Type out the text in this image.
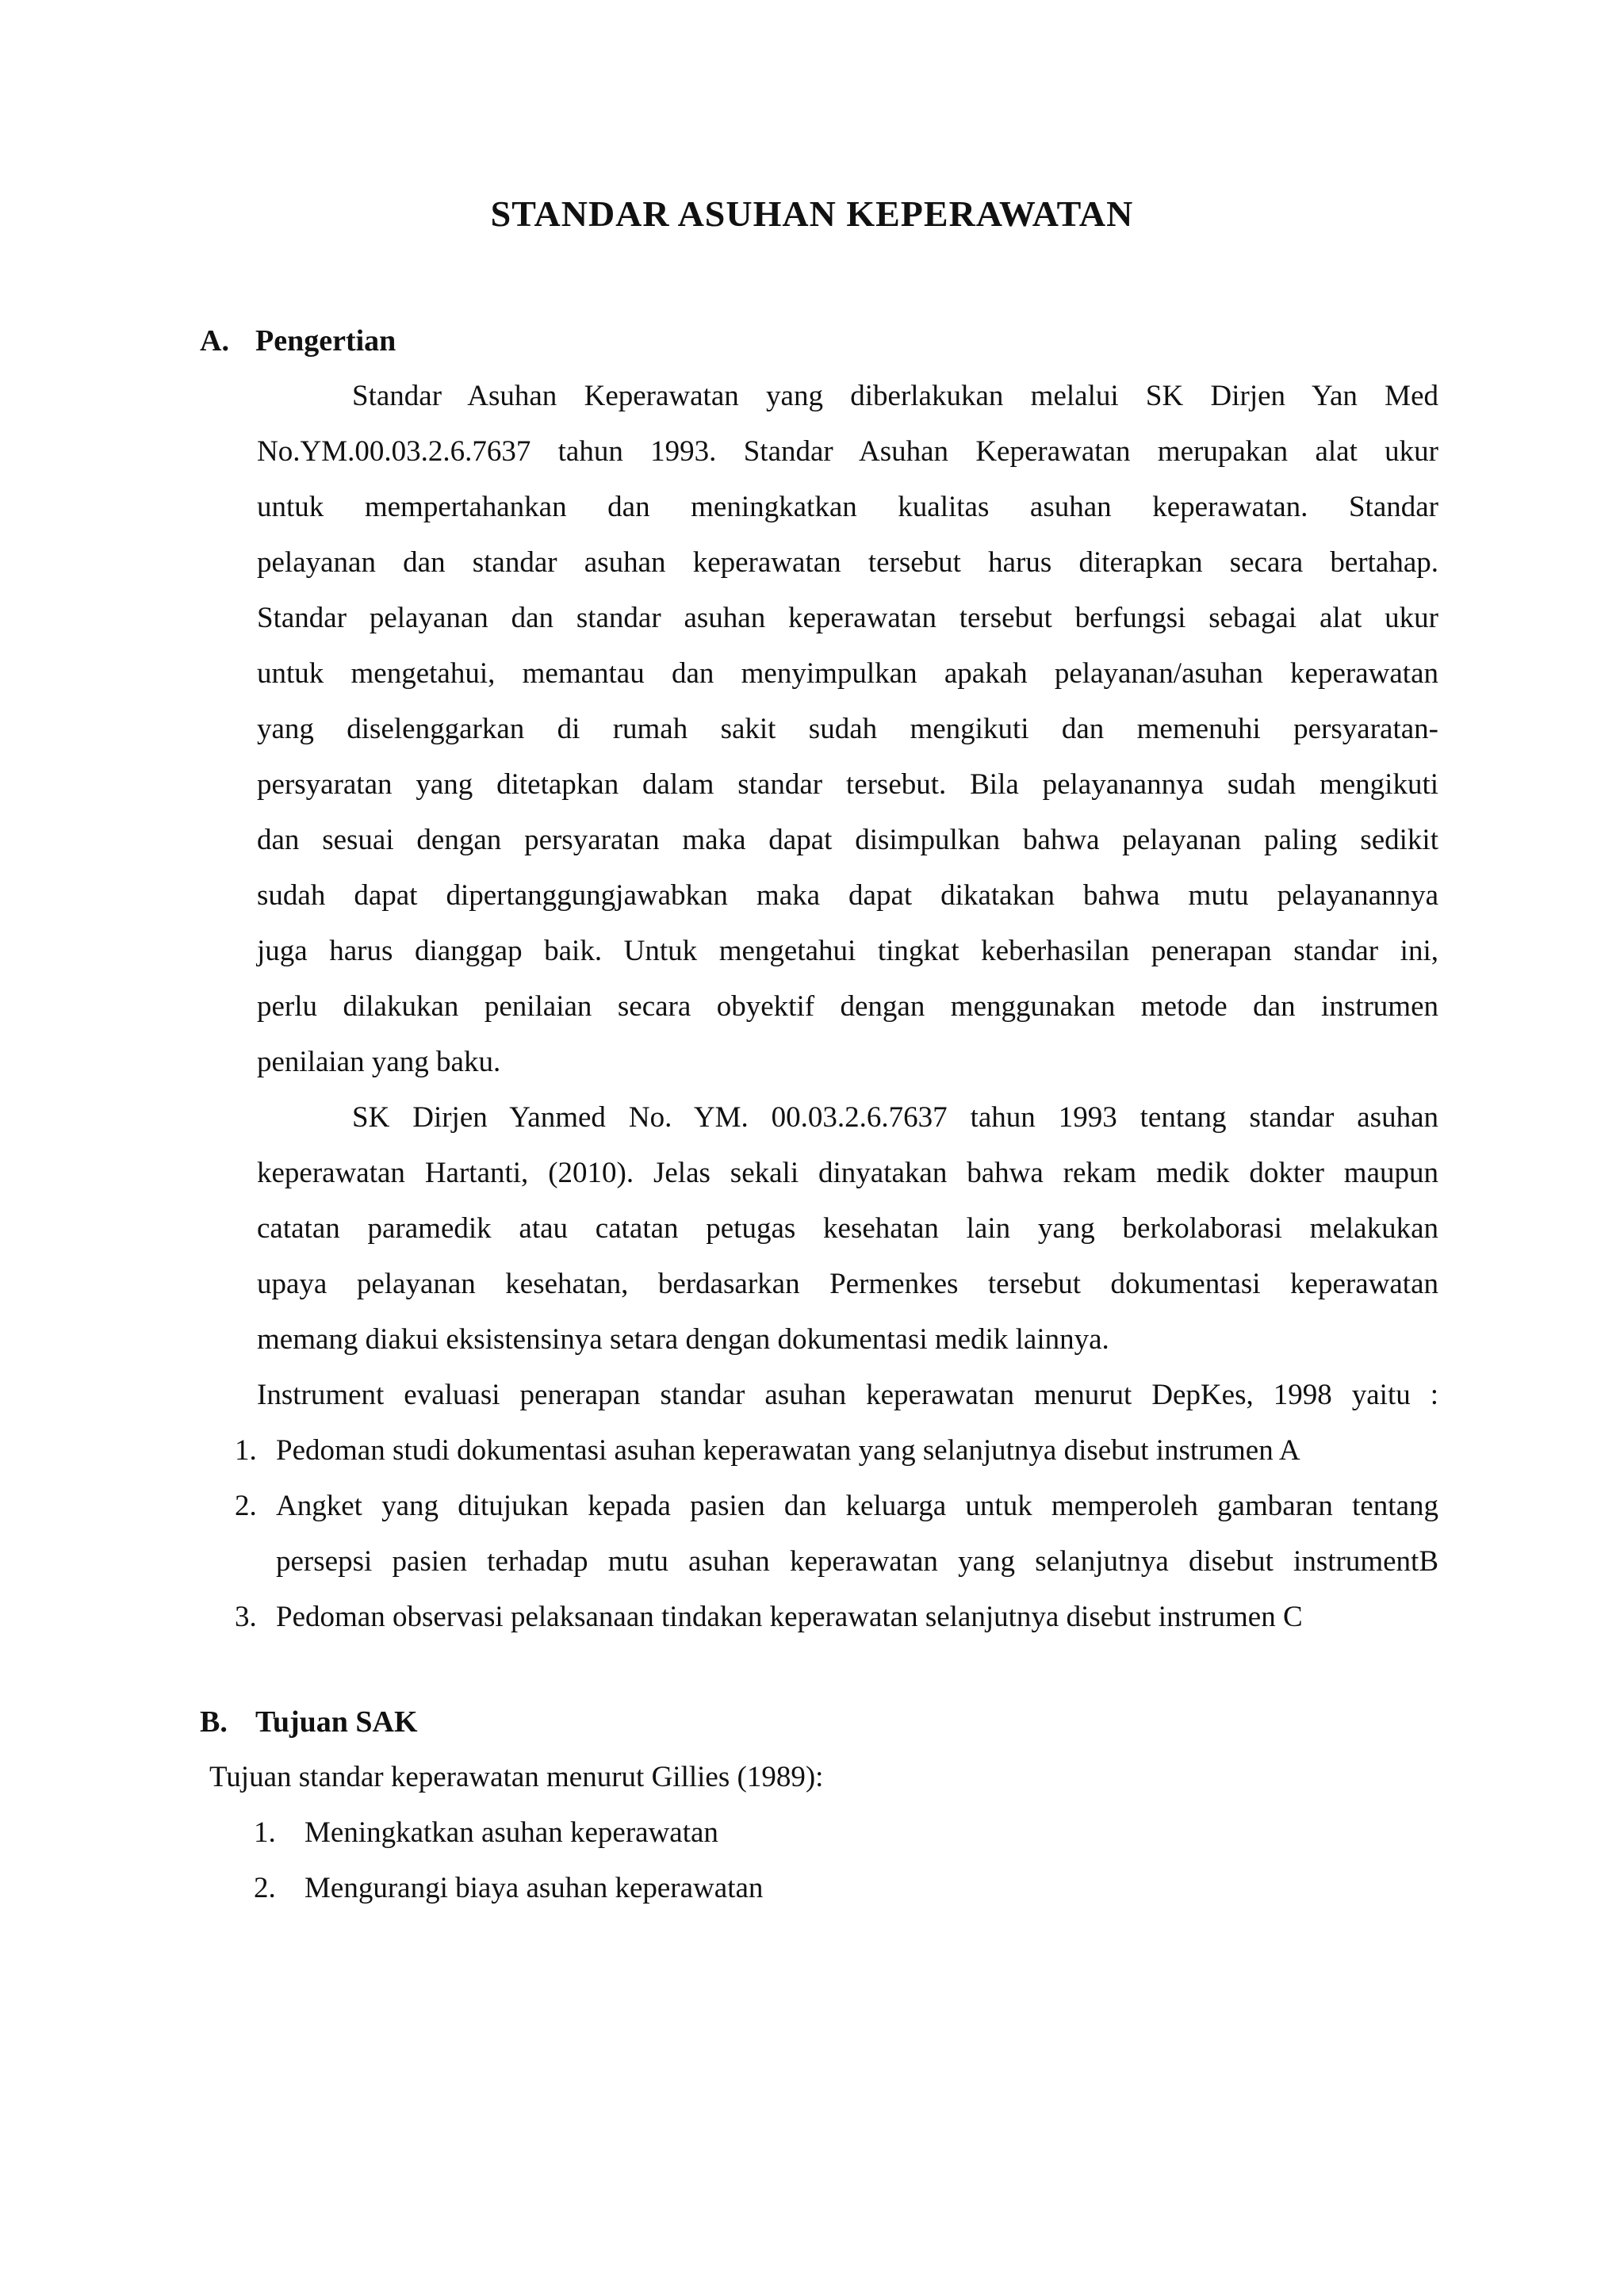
STANDAR ASUHAN KEPERAWATAN
A. Pengertian
Standar Asuhan Keperawatan yang diberlakukan melalui SK Dirjen Yan Med
No.YM.00.03.2.6.7637 tahun 1993. Standar Asuhan Keperawatan merupakan alat ukur
untuk mempertahankan dan meningkatkan kualitas asuhan keperawatan. Standar
pelayanan dan standar asuhan keperawatan tersebut harus diterapkan secara bertahap.
Standar pelayanan dan standar asuhan keperawatan tersebut berfungsi sebagai alat ukur
untuk mengetahui, memantau dan menyimpulkan apakah pelayanan/asuhan keperawatan
yang diselenggarkan di rumah sakit sudah mengikuti dan memenuhi persyaratan-
persyaratan yang ditetapkan dalam standar tersebut. Bila pelayanannya sudah mengikuti
dan sesuai dengan persyaratan maka dapat disimpulkan bahwa pelayanan paling sedikit
sudah dapat dipertanggungjawabkan maka dapat dikatakan bahwa mutu pelayanannya
juga harus dianggap baik. Untuk mengetahui tingkat keberhasilan penerapan standar ini,
perlu dilakukan penilaian secara obyektif dengan menggunakan metode dan instrumen
penilaian yang baku.
SK Dirjen Yanmed No. YM. 00.03.2.6.7637 tahun 1993 tentang standar asuhan
keperawatan Hartanti, (2010). Jelas sekali dinyatakan bahwa rekam medik dokter maupun
catatan paramedik atau catatan petugas kesehatan lain yang berkolaborasi melakukan
upaya pelayanan kesehatan, berdasarkan Permenkes tersebut dokumentasi keperawatan
memang diakui eksistensinya setara dengan dokumentasi medik lainnya.
Instrument evaluasi penerapan standar asuhan keperawatan menurut DepKes, 1998 yaitu :
1. Pedoman studi dokumentasi asuhan keperawatan yang selanjutnya disebut instrumen A
2. Angket yang ditujukan kepada pasien dan keluarga untuk memperoleh gambaran tentang
persepsi pasien terhadap mutu asuhan keperawatan yang selanjutnya disebut instrumentB
3. Pedoman observasi pelaksanaan tindakan keperawatan selanjutnya disebut instrumen C
B. Tujuan SAK
Tujuan standar keperawatan menurut Gillies (1989):
1. Meningkatkan asuhan keperawatan
2. Mengurangi biaya asuhan keperawatan
